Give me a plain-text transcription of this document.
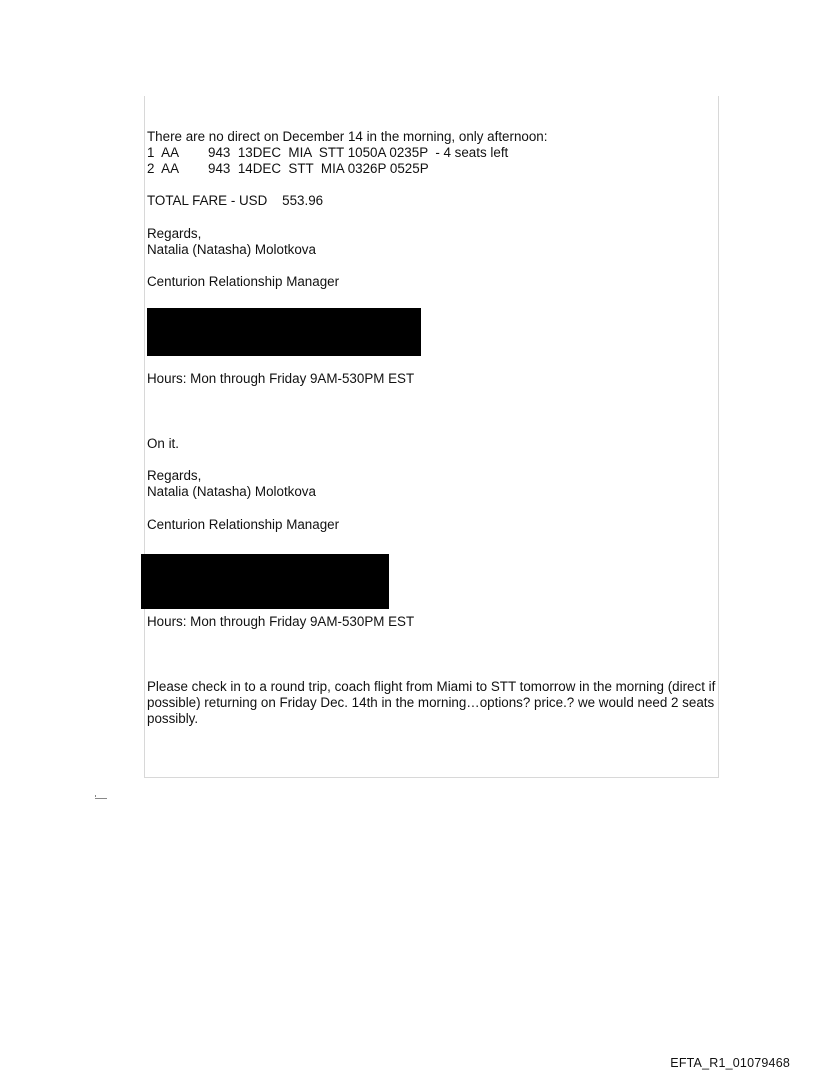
There are no direct on December 14 in the morning, only afternoon:

1  AA        943  13DEC  MIA  STT 1050A 0235P  - 4 seats left

2  AA        943  14DEC  STT  MIA 0326P 0525P

TOTAL FARE - USD    553.96

Regards,

Natalia (Natasha) Molotkova

Centurion Relationship Manager

Hours: Mon through Friday 9AM-530PM EST

On it.

Regards,

Natalia (Natasha) Molotkova

Centurion Relationship Manager

Hours: Mon through Friday 9AM-530PM EST

Please check in to a round trip, coach flight from Miami to STT tomorrow in the morning (direct if possible) returning on Friday Dec. 14th in the morning…options? price.? we would need 2 seats possibly.

EFTA_R1_01079468
